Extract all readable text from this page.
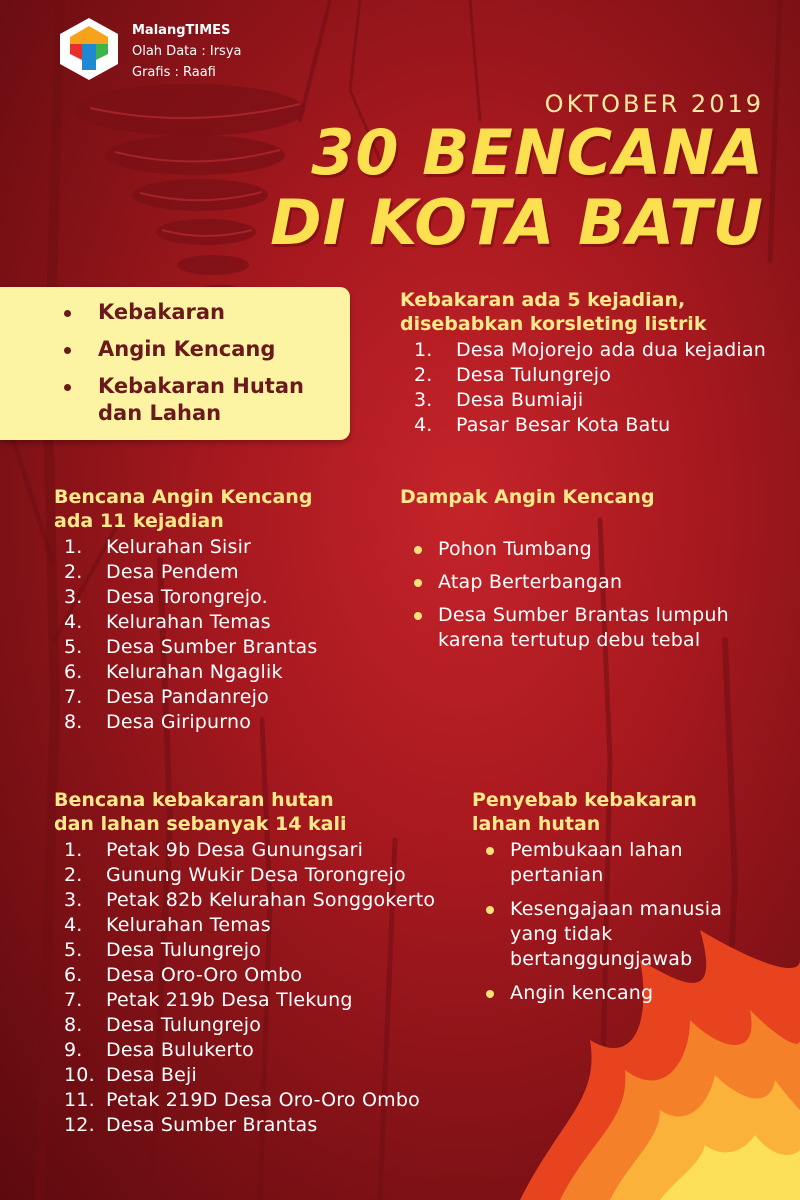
MalangTIMES
Olah Data : Irsya
Grafis : Raafi
OKTOBER 2019
30 BENCANA
DI KOTA BATU
Kebakaran
Angin Kencang
Kebakaran Hutan dan Lahan

Kebakaran ada 5 kejadian,

disebabkan korsleting listrik

1. Desa Mojorejo ada dua kejadian
2. Desa Tulungrejo
3. Desa Bumiaji
4. Pasar Besar Kota Batu

Bencana Angin Kencang

ada 11 kejadian

1. Kelurahan Sisir
2. Desa Pendem
3. Desa Torongrejo.
4. Kelurahan Temas
5. Desa Sumber Brantas
6. Kelurahan Ngaglik
7. Desa Pandanrejo
8. Desa Giripurno

Dampak Angin Kencang

Pohon Tumbang
Atap Berterbangan
Desa Sumber Brantas lumpuh karena tertutup debu tebal

Bencana kebakaran hutan

dan lahan sebanyak 14 kali

1. Petak 9b Desa Gunungsari
2. Gunung Wukir Desa Torongrejo
3. Petak 82b Kelurahan Songgokerto
4. Kelurahan Temas
5. Desa Tulungrejo
6. Desa Oro-Oro Ombo
7. Petak 219b Desa Tlekung
8. Desa Tulungrejo
9. Desa Bulukerto
10. Desa Beji
11. Petak 219D Desa Oro-Oro Ombo
12. Desa Sumber Brantas

Penyebab kebakaran

lahan hutan

Pembukaan lahan pertanian
Kesengajaan manusia yang tidak bertanggungjawab
Angin kencang
